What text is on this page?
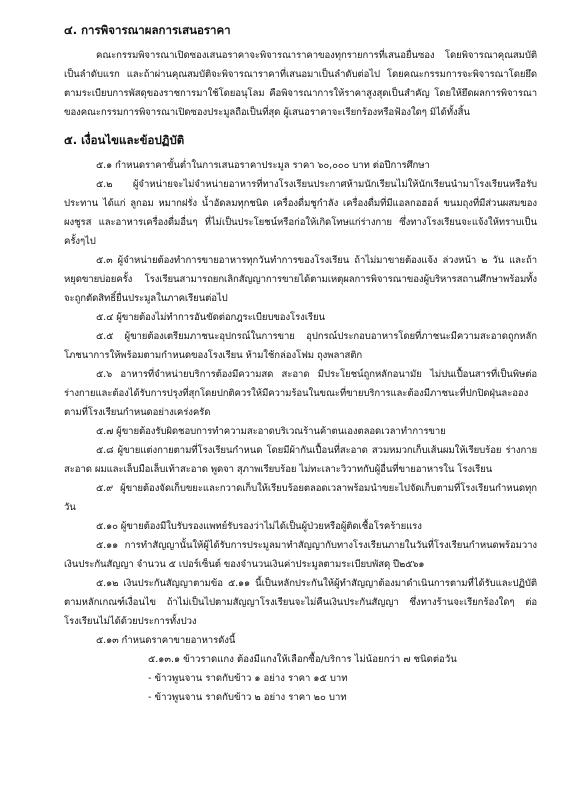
๔. การพิจารณาผลการเสนอราคา

คณะกรรมพิจารณาเปิดซองเสนอราคาจะพิจารณาราคาของทุกรายการที่เสนอยื่นซอง โดยพิจารณาคุณสมบัติเป็นลำดับแรก และถ้าผ่านคุณสมบัติจะพิจารณาราคาที่เสนอมาเป็นลำดับต่อไป โดยคณะกรรมการจะพิจารณาโดยยึดตามระเบียบการพัสดุของราชการมาใช้โดยอนุโลม คือพิจารณาการให้ราคาสูงสุดเป็นสำคัญ โดยให้ยึดผลการพิจารณาของคณะกรรมการพิจารณาเปิดซองประมูลถือเป็นที่สุด ผู้เสนอราคาจะเรียกร้องหรือฟ้องใดๆ มิได้ทั้งสิ้น

๕. เงื่อนไขและข้อปฏิบัติ

๕.๑ กำหนดราคาขั้นต่ำในการเสนอราคาประมูล ราคา ๖๐,๐๐๐ บาท ต่อปีการศึกษา

๕.๒ ผู้จำหน่ายจะไม่จำหน่ายอาหารที่ทางโรงเรียนประกาศห้ามนักเรียนไม่ให้นักเรียนนำมาโรงเรียนหรือรับประทาน ได้แก่ ลูกอม หมากฝรั่ง น้ำอัดลมทุกชนิด เครื่องดื่มชูกำลัง เครื่องดื่มที่มีแอลกอฮอล์ ขนมถุงที่มีส่วนผสมของผงชูรส และอาหารเครื่องดื่มอื่นๆ ที่ไม่เป็นประโยชน์หรือก่อให้เกิดโทษแก่ร่างกาย ซึ่งทางโรงเรียนจะแจ้งให้ทราบเป็นครั้งๆไป

๕.๓ ผู้จำหน่ายต้องทำการขายอาหารทุกวันทำการของโรงเรียน ถ้าไม่มาขายต้องแจ้ง ล่วงหน้า ๒ วัน และถ้าหยุดขายบ่อยครั้ง โรงเรียนสามารถยกเลิกสัญญาการขายได้ตามเหตุผลการพิจารณาของผู้บริหารสถานศึกษาพร้อมทั้งจะถูกตัดสิทธิ์ยื่นประมูลในภาคเรียนต่อไป

๕.๔ ผู้ขายต้องไม่ทำการอันขัดต่อกฎระเบียบของโรงเรียน

๕.๕ ผู้ขายต้องเตรียมภาชนะอุปกรณ์ในการขาย อุปกรณ์ประกอบอาหารโดยที่ภาชนะมีความสะอาดถูกหลักโภชนาการให้พร้อมตามกำหนดของโรงเรียน ห้ามใช้กล่องโฟม ถุงพลาสติก

๕.๖ อาหารที่จำหน่ายบริการต้องมีความสด สะอาด มีประโยชน์ถูกหลักอนามัย ไม่ปนเปื้อนสารที่เป็นพิษต่อร่างกายและต้องได้รับการปรุงที่สุกโดยปกติควรให้มีความร้อนในขณะที่ขายบริการและต้องมีภาชนะที่ปกปิดฝุ่นละอองตามที่โรงเรียนกำหนดอย่างเคร่งครัด

๕.๗ ผู้ขายต้องรับผิดชอบการทำความสะอาดบริเวณร้านค้าตนเองตลอดเวลาทำการขาย

๕.๘ ผู้ขายแต่งกายตามที่โรงเรียนกำหนด โดยมีผ้ากันเปื้อนที่สะอาด สวมหมวกเก็บเส้นผมให้เรียบร้อย ร่างกายสะอาด ผมและเล็บมือเล็บเท้าสะอาด พูดจา สุภาพเรียบร้อย ไม่ทะเลาะวิวาทกับผู้อื่นที่ขายอาหารใน โรงเรียน

๕.๙ ผู้ขายต้องจัดเก็บขยะและกวาดเก็บให้เรียบร้อยตลอดเวลาพร้อมนำขยะไปจัดเก็บตามที่โรงเรียนกำหนดทุกวัน

๕.๑๐ ผู้ขายต้องมีใบรับรองแพทย์รับรองว่าไม่ได้เป็นผู้ป่วยหรือผู้ติดเชื้อโรคร้ายแรง

๕.๑๑ การทำสัญญานั้นให้ผู้ได้รับการประมูลมาทำสัญญากับทางโรงเรียนภายในวันที่โรงเรียนกำหนดพร้อมวางเงินประกันสัญญา จำนวน ๕ เปอร์เซ็นต์ ของจำนวนเงินค่าประมูลตามระเบียบพัสดุ ปี๒๕๖๑

๕.๑๒ เงินประกันสัญญาตามข้อ ๕.๑๑ นี้เป็นหลักประกันให้ผู้ทำสัญญาต้องมาดำเนินการตามที่ได้รับและปฏิบัติตามหลักเกณฑ์เงื่อนไข ถ้าไม่เป็นไปตามสัญญาโรงเรียนจะไม่คืนเงินประกันสัญญา ซึ่งทางร้านจะเรียกร้องใดๆ ต่อโรงเรียนไม่ได้ด้วยประการทั้งปวง

๕.๑๓ กำหนดราคาขายอาหารดังนี้

๕.๑๓.๑ ข้าวราดแกง ต้องมีแกงให้เลือกซื้อ/บริการ ไม่น้อยกว่า ๗ ชนิดต่อวัน
- ข้าวพูนจาน ราดกับข้าว ๑ อย่าง ราคา ๑๕ บาท
- ข้าวพูนจาน ราดกับข้าว ๒ อย่าง ราคา ๒๐ บาท
